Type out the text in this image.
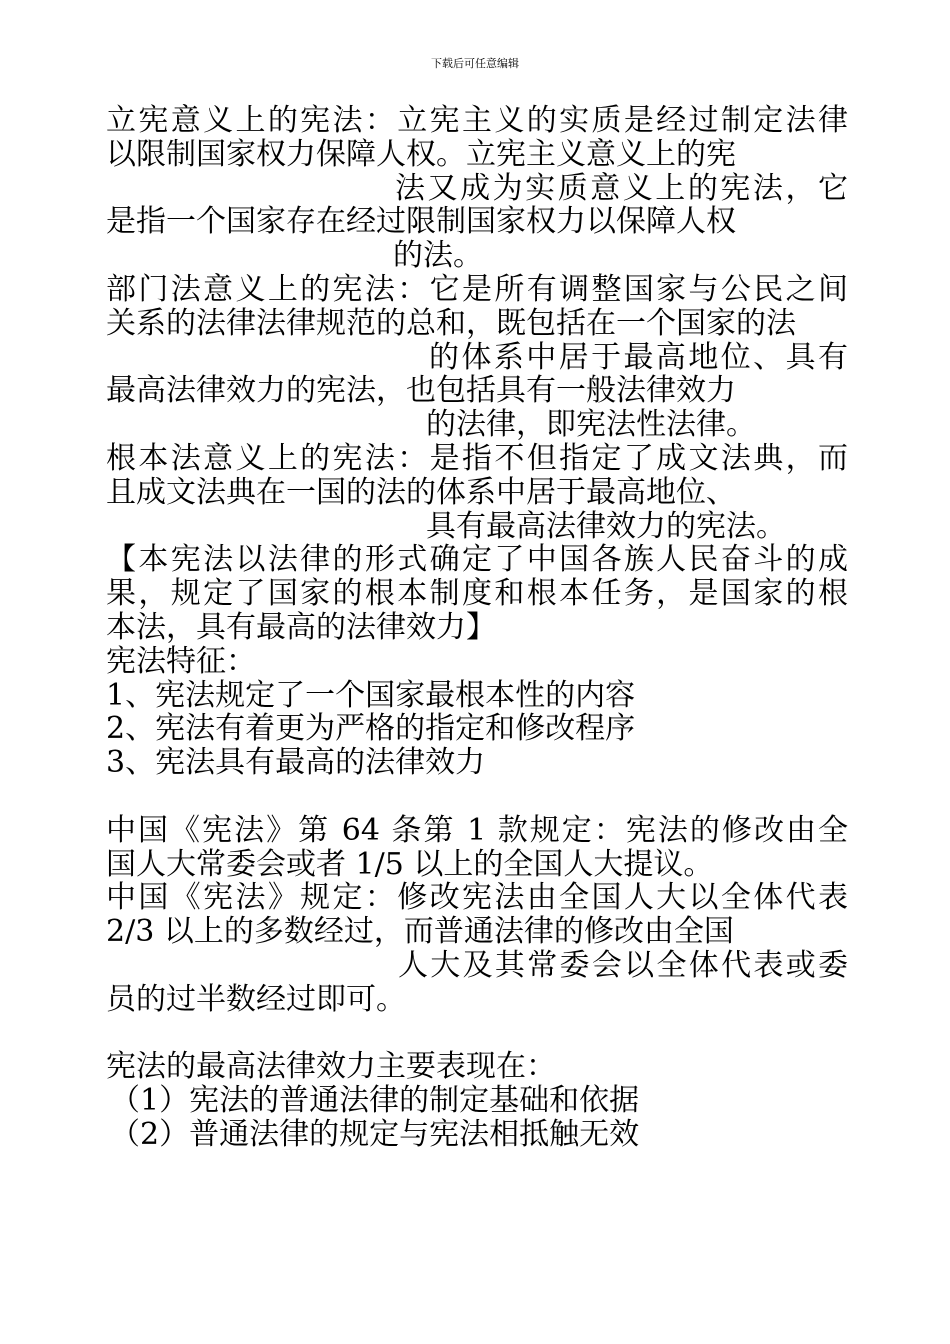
下载后可任意编辑
立宪意义上的宪法：立宪主义的实质是经过制定法律
以限制国家权力保障人权。立宪主义意义上的宪
法又成为实质意义上的宪法，它
是指一个国家存在经过限制国家权力以保障人权
的法。
部门法意义上的宪法：它是所有调整国家与公民之间
关系的法律法律规范的总和，既包括在一个国家的法
的体系中居于最高地位、具有
最高法律效力的宪法，也包括具有一般法律效力
的法律，即宪法性法律。
根本法意义上的宪法：是指不但指定了成文法典，而
且成文法典在一国的法的体系中居于最高地位、
具有最高法律效力的宪法。
【本宪法以法律的形式确定了中国各族人民奋斗的成
果，规定了国家的根本制度和根本任务，是国家的根
本法，具有最高的法律效力】
宪法特征：
1、宪法规定了一个国家最根本性的内容
2、宪法有着更为严格的指定和修改程序
3、宪法具有最高的法律效力
中国《宪法》第 64 条第 1 款规定：宪法的修改由全
国人大常委会或者 1/5 以上的全国人大提议。
中国《宪法》规定：修改宪法由全国人大以全体代表
2/3 以上的多数经过，而普通法律的修改由全国
人大及其常委会以全体代表或委
员的过半数经过即可。
宪法的最高法律效力主要表现在：
（1）宪法的普通法律的制定基础和依据
（2）普通法律的规定与宪法相抵触无效
